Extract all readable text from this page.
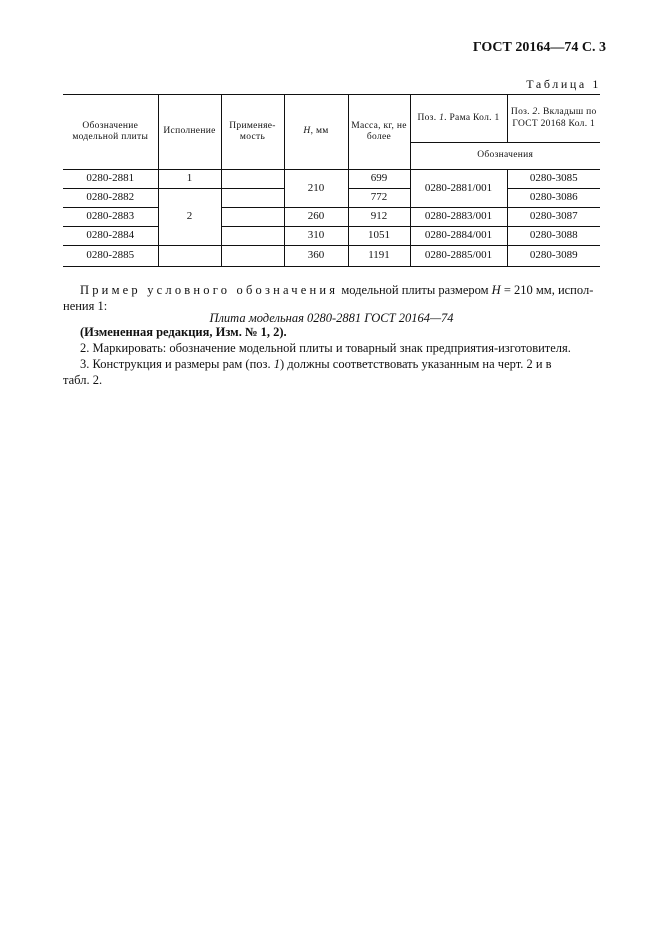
ГОСТ 20164—74 С. 3
Таблица 1
Обозначение модельной плиты	Исполнение	Применяе-мость	H, мм	Масса, кг, не более	Поз. 1. Рама Кол. 1	Поз. 2. Вкладыш по ГОСТ 20168 Кол. 1
					Обозначения	
0280-2881	1		210	699	0280-2881/001	0280-3085
0280-2882	2			772		0280-3086
0280-2883			260	912	0280-2883/001	0280-3087
0280-2884			310	1051	0280-2884/001	0280-3088
0280-2885			360	1191	0280-2885/001	0280-3089
Пример условного обозначения модельной плиты размером H = 210 мм, испол-
нения 1:
Плита модельная 0280-2881 ГОСТ 20164—74
(Измененная редакция, Изм. № 1, 2).
2. Маркировать: обозначение модельной плиты и товарный знак предприятия-изготовителя.
3. Конструкция и размеры рам (поз. 1) должны соответствовать указанным на черт. 2 и в
табл. 2.
